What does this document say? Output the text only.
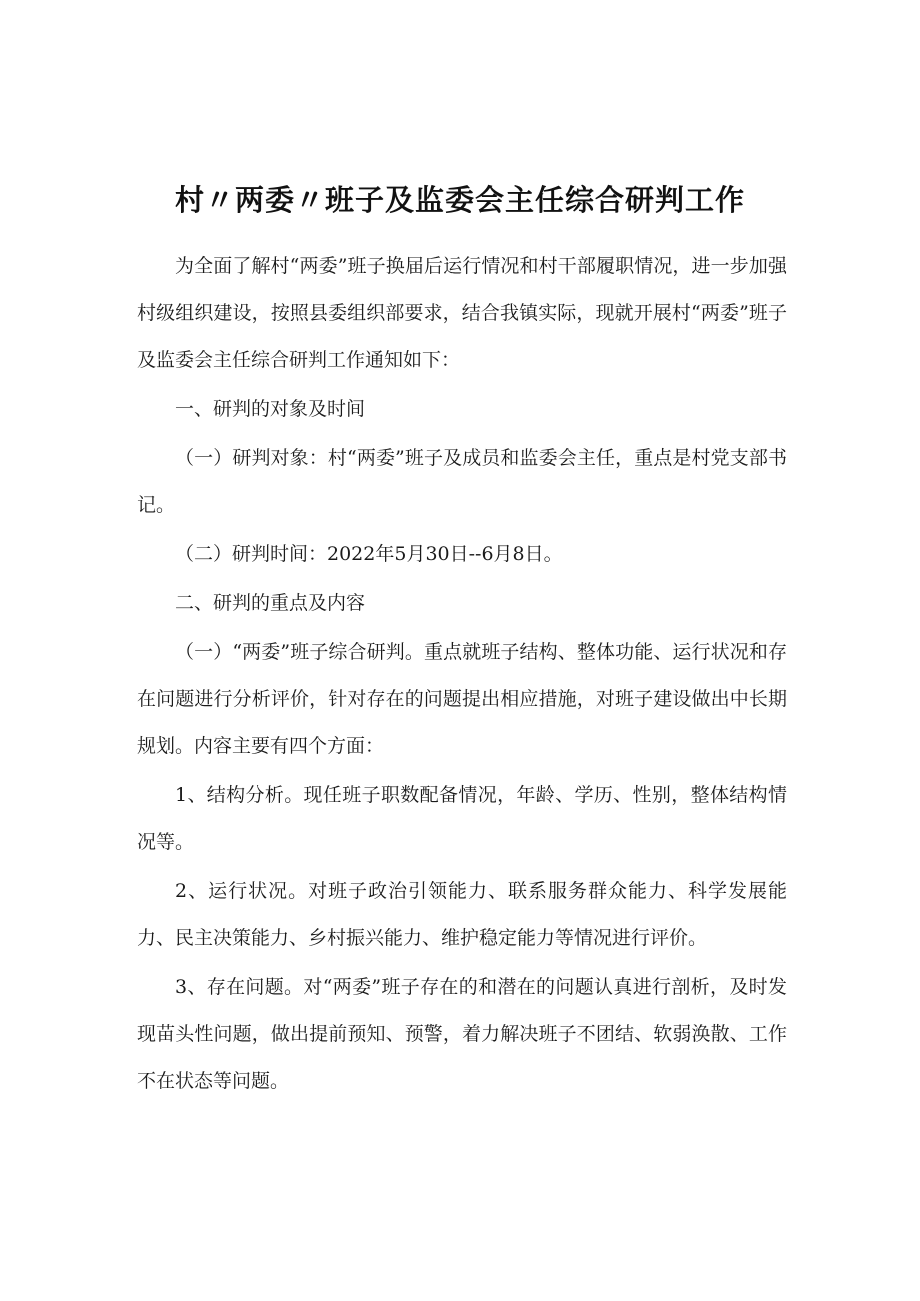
村〃两委〃班子及监委会主任综合研判工作

为全面了解村“两委”班子换届后运行情况和村干部履职情况，进一步加强村级组织建设，按照县委组织部要求，结合我镇实际，现就开展村“两委”班子及监委会主任综合研判工作通知如下：

一、研判的对象及时间

（一）研判对象：村“两委”班子及成员和监委会主任，重点是村党支部书记。

（二）研判时间：2022年5月30日--6月8日。

二、研判的重点及内容

（一）“两委”班子综合研判。重点就班子结构、整体功能、运行状况和存在问题进行分析评价，针对存在的问题提出相应措施，对班子建设做出中长期规划。内容主要有四个方面：

1、结构分析。现任班子职数配备情况，年龄、学历、性别，整体结构情况等。

2、运行状况。对班子政治引领能力、联系服务群众能力、科学发展能力、民主决策能力、乡村振兴能力、维护稳定能力等情况进行评价。

3、存在问题。对“两委”班子存在的和潜在的问题认真进行剖析，及时发现苗头性问题，做出提前预知、预警，着力解决班子不团结、软弱涣散、工作不在状态等问题。
